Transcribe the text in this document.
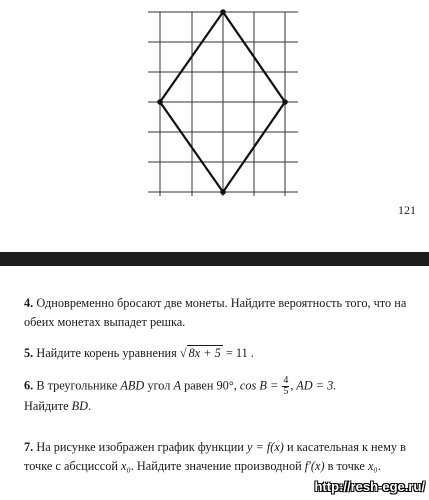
121
4. Одновременно бросают две монеты. Найдите вероятность того, что на обеих монетах выпадет решка.
5. Найдите корень уравнения √ 8x + 5 = 11 .
6. В треугольнике ABD угол A равен 90°, $\cos B = \frac{4}{5}$ , AD = 3.
Найдите BD.
7. На рисунке изображен график функции y = f(x) и касательная к нему в точке с абсциссой x₀. Найдите значение производной f′(x) в точке x₀.
http://resh-ege.ru/
